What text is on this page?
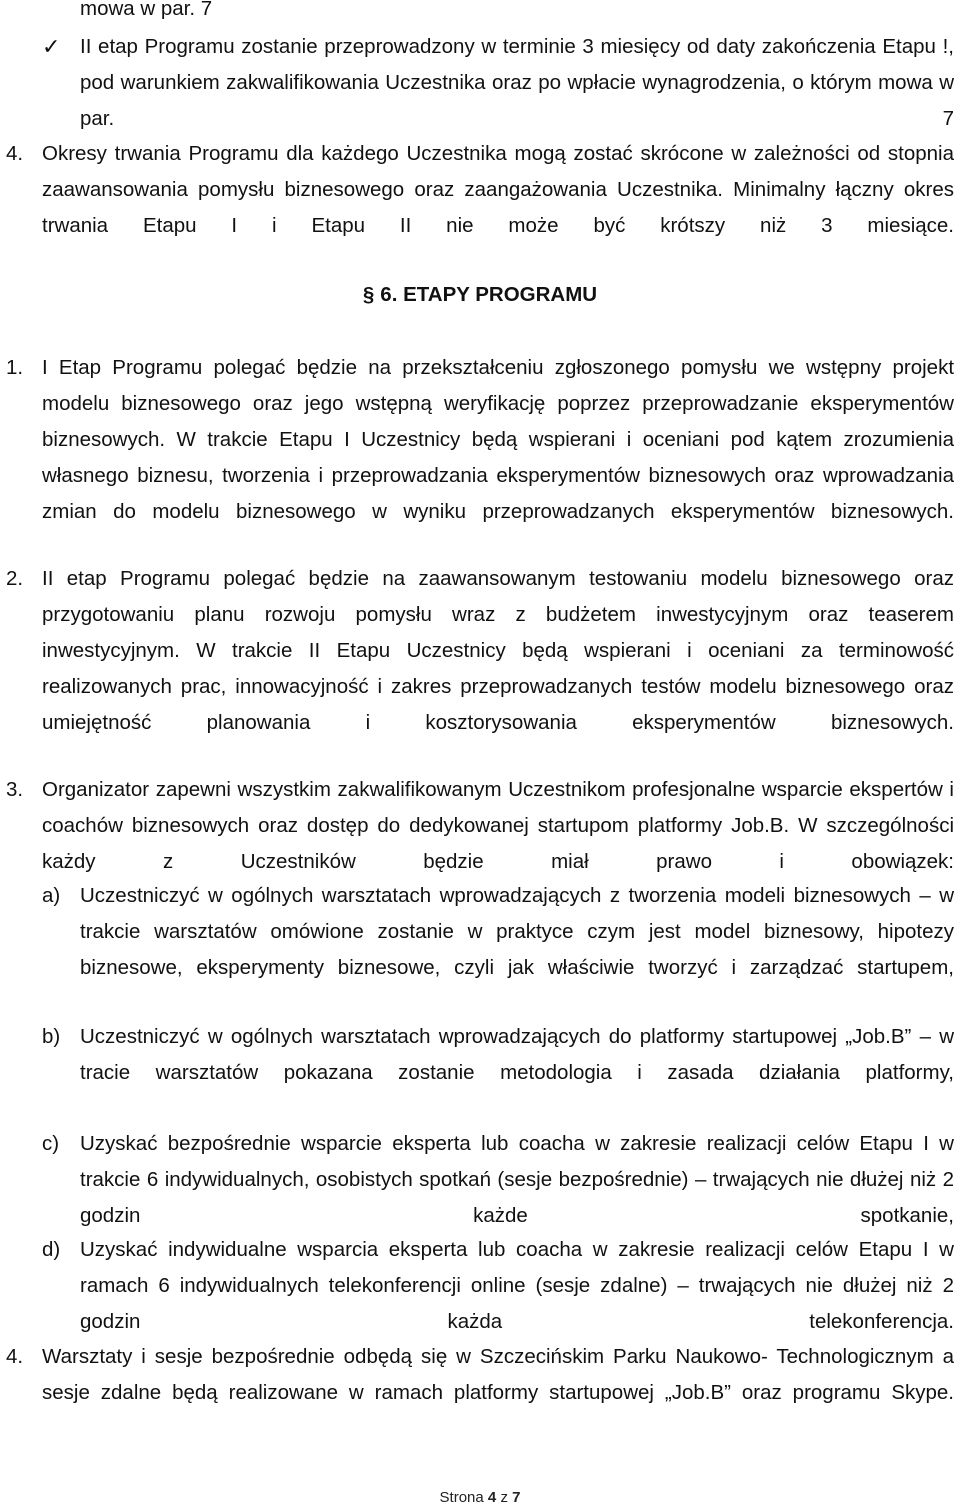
mowa w par. 7
✓ II etap Programu zostanie przeprowadzony w terminie 3 miesięcy od daty zakończenia Etapu !, pod warunkiem zakwalifikowania Uczestnika oraz po wpłacie wynagrodzenia, o którym mowa w par. 7
4. Okresy trwania Programu dla każdego Uczestnika mogą zostać skrócone w zależności od stopnia zaawansowania pomysłu biznesowego oraz zaangażowania Uczestnika. Minimalny łączny okres trwania Etapu I i Etapu II nie może być krótszy niż 3 miesiące.
§ 6. ETAPY PROGRAMU
1. I Etap Programu polegać będzie na przekształceniu zgłoszonego pomysłu we wstępny projekt modelu biznesowego oraz jego wstępną weryfikację poprzez przeprowadzanie eksperymentów biznesowych. W trakcie Etapu I Uczestnicy będą wspierani i oceniani pod kątem zrozumienia własnego biznesu, tworzenia i przeprowadzania eksperymentów biznesowych oraz wprowadzania zmian do modelu biznesowego w wyniku przeprowadzanych eksperymentów biznesowych.
2. II etap Programu polegać będzie na zaawansowanym testowaniu modelu biznesowego oraz przygotowaniu planu rozwoju pomysłu wraz z budżetem inwestycyjnym oraz teaserem inwestycyjnym. W trakcie II Etapu Uczestnicy będą wspierani i oceniani za terminowość realizowanych prac, innowacyjność i zakres przeprowadzanych testów modelu biznesowego oraz umiejętność planowania i kosztorysowania eksperymentów	biznesowych.
3. Organizator zapewni wszystkim zakwalifikowanym Uczestnikom profesjonalne wsparcie ekspertów i coachów biznesowych oraz dostęp do dedykowanej startupom platformy Job.B. W szczególności każdy z Uczestników będzie miał prawo i obowiązek:
a) Uczestniczyć w ogólnych warsztatach wprowadzających z tworzenia modeli biznesowych – w trakcie warsztatów omówione zostanie w praktyce czym jest model biznesowy, hipotezy biznesowe, eksperymenty biznesowe, czyli jak właściwie tworzyć i zarządzać startupem,
b) Uczestniczyć w ogólnych warsztatach wprowadzających do platformy startupowej „Job.B” – w tracie warsztatów pokazana zostanie metodologia i zasada działania platformy,
c) Uzyskać bezpośrednie wsparcie eksperta lub coacha w zakresie realizacji celów Etapu I w trakcie 6 indywidualnych, osobistych spotkań (sesje bezpośrednie) – trwających nie dłużej niż 2 godzin każde spotkanie,
d) Uzyskać indywidualne wsparcia eksperta lub coacha w zakresie realizacji celów Etapu I w ramach 6 indywidualnych telekonferencji online (sesje zdalne) – trwających nie dłużej niż 2 godzin każda telekonferencja.
4. Warsztaty i sesje bezpośrednie odbędą się w Szczecińskim Parku Naukowo- Technologicznym a sesje zdalne będą realizowane w ramach platformy startupowej „Job.B” oraz programu Skype.
Strona 4 z 7
